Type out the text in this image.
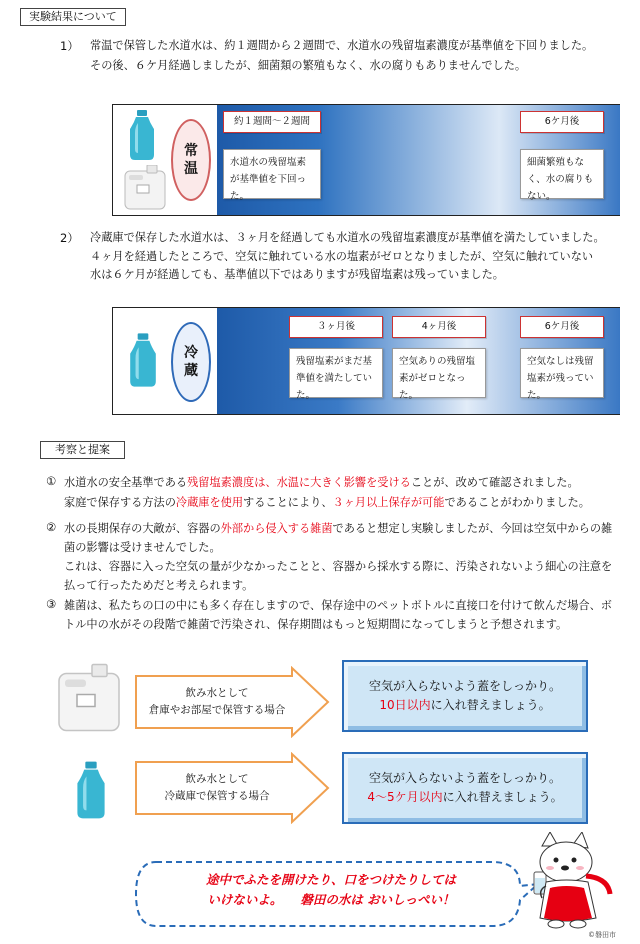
実験結果について
1） 常温で保管した水道水は、約１週間から２週間で、水道水の残留塩素濃度が基準値を下回りました。
その後、６ケ月経過しましたが、細菌類の繁殖もなく、水の腐りもありませんでした。
常
温
約１週間～２週間	6ケ月後
水道水の残留塩素が基準値を下回った。
細菌繁殖もなく、水の腐りもない。
2） 冷蔵庫で保存した水道水は、３ヶ月を経過しても水道水の残留塩素濃度が基準値を満たしていました。
４ヶ月を経過したところで、空気に触れている水の塩素がゼロとなりましたが、空気に触れていない
水は６ケ月が経過しても、基準値以下ではありますが残留塩素は残っていました。
冷
蔵
３ヶ月後	4ヶ月後	6ケ月後
残留塩素がまだ基準値を満たしていた。
空気ありの残留塩素がゼロとなった。
空気なしは残留塩素が残っていた。
考察と提案
① 水道水の安全基準である残留塩素濃度は、水温に大きく影響を受けることが、改めて確認されました。
家庭で保存する方法の冷蔵庫を使用することにより、３ヶ月以上保存が可能であることがわかりました。
② 水の長期保存の大敵が、容器の外部から侵入する雑菌であると想定し実験しましたが、今回は空気中からの雑
菌の影響は受けませんでした。
これは、容器に入った空気の量が少なかったことと、容器から採水する際に、汚染されないよう細心の注意を
払って行ったためだと考えられます。
③ 雑菌は、私たちの口の中にも多く存在しますので、保存途中のペットボトルに直接口を付けて飲んだ場合、ボ
トル中の水がその段階で雑菌で汚染され、保存期間はもっと短期間になってしまうと予想されます。
飲み水として
倉庫やお部屋で保管する場合
空気が入らないよう蓋をしっかり。
10日以内に入れ替えましょう。
飲み水として
冷蔵庫で保管する場合
空気が入らないよう蓋をしっかり。
4～5ケ月以内に入れ替えましょう。
途中でふたを開けたり、口をつけたりしては
いけないよ。 磐田の水は おいしっぺい！
©磐田市
